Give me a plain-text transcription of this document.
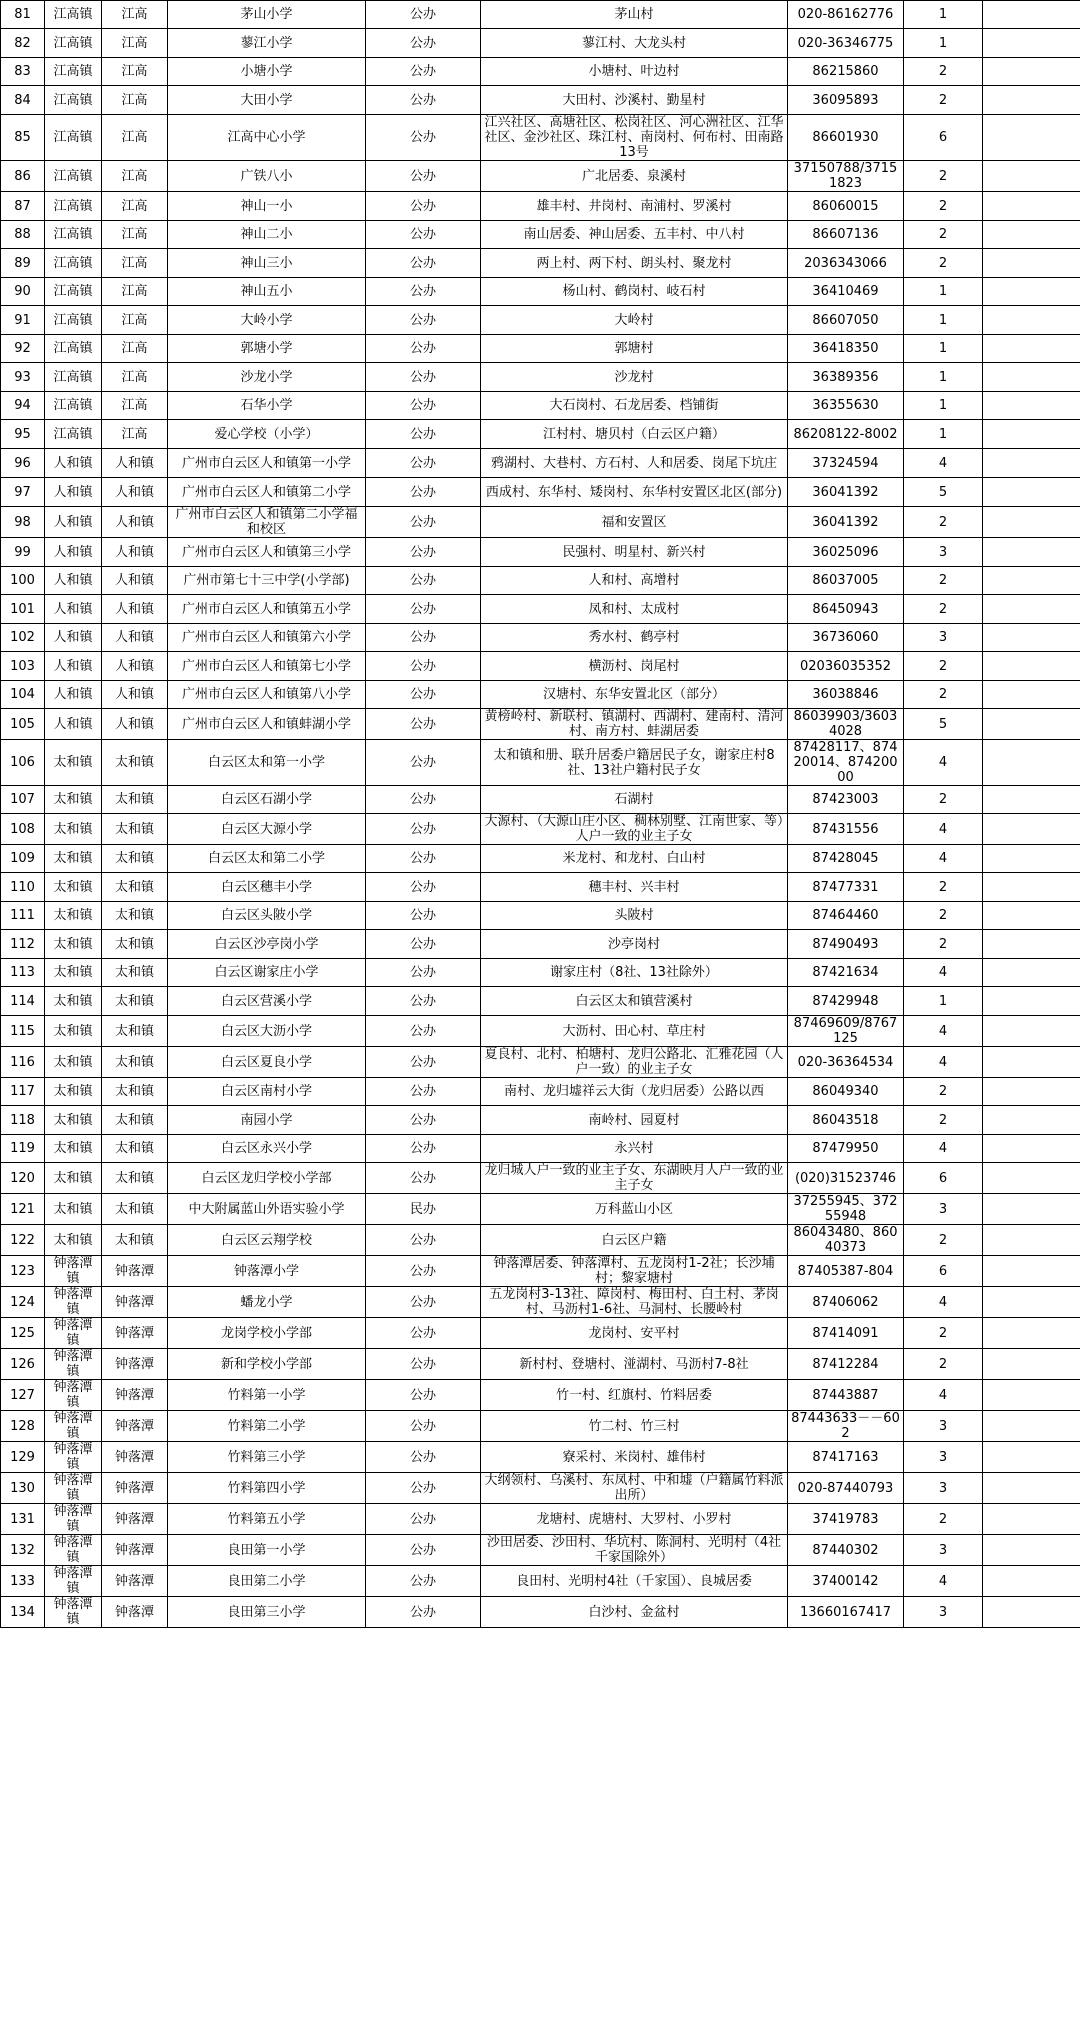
81	江高镇	江高	茅山小学	公办	茅山村	020-86162776	1	
82	江高镇	江高	蓼江小学	公办	蓼江村、大龙头村	020-36346775	1	
83	江高镇	江高	小塘小学	公办	小塘村、叶边村	86215860	2	
84	江高镇	江高	大田小学	公办	大田村、沙溪村、勤星村	36095893	2	
85	江高镇	江高	江高中心小学	公办	江兴社区、高塘社区、松岗社区、河心洲社区、江华社区、金沙社区、珠江村、南岗村、何布村、田南路13号	86601930	6	
86	江高镇	江高	广铁八小	公办	广北居委、泉溪村	37150788/37151823	2	
87	江高镇	江高	神山一小	公办	雄丰村、井岗村、南浦村、罗溪村	86060015	2	
88	江高镇	江高	神山二小	公办	南山居委、神山居委、五丰村、中八村	86607136	2	
89	江高镇	江高	神山三小	公办	两上村、两下村、朗头村、聚龙村	2036343066	2	
90	江高镇	江高	神山五小	公办	杨山村、鹤岗村、岐石村	36410469	1	
91	江高镇	江高	大岭小学	公办	大岭村	86607050	1	
92	江高镇	江高	郭塘小学	公办	郭塘村	36418350	1	
93	江高镇	江高	沙龙小学	公办	沙龙村	36389356	1	
94	江高镇	江高	石华小学	公办	大石岗村、石龙居委、档铺街	36355630	1	
95	江高镇	江高	爱心学校（小学）	公办	江村村、塘贝村（白云区户籍）	86208122-8002	1	
96	人和镇	人和镇	广州市白云区人和镇第一小学	公办	鸦湖村、大巷村、方石村、人和居委、岗尾下坑庄	37324594	4	
97	人和镇	人和镇	广州市白云区人和镇第二小学	公办	西成村、东华村、矮岗村、东华村安置区北区(部分)	36041392	5	
98	人和镇	人和镇	广州市白云区人和镇第二小学福和校区	公办	福和安置区	36041392	2	
99	人和镇	人和镇	广州市白云区人和镇第三小学	公办	民强村、明星村、新兴村	36025096	3	
100	人和镇	人和镇	广州市第七十三中学(小学部)	公办	人和村、高增村	86037005	2	
101	人和镇	人和镇	广州市白云区人和镇第五小学	公办	凤和村、太成村	86450943	2	
102	人和镇	人和镇	广州市白云区人和镇第六小学	公办	秀水村、鹤亭村	36736060	3	
103	人和镇	人和镇	广州市白云区人和镇第七小学	公办	横沥村、岗尾村	02036035352	2	
104	人和镇	人和镇	广州市白云区人和镇第八小学	公办	汉塘村、东华安置北区（部分）	36038846	2	
105	人和镇	人和镇	广州市白云区人和镇蚌湖小学	公办	黄榜岭村、新联村、镇湖村、西湖村、建南村、清河村、南方村、蚌湖居委	86039903/36034028	5	
106	太和镇	太和镇	白云区太和第一小学	公办	太和镇和册、联升居委户籍居民子女，谢家庄村8社、13社户籍村民子女	87428117、87420014、87420000	4	
107	太和镇	太和镇	白云区石湖小学	公办	石湖村	87423003	2	
108	太和镇	太和镇	白云区大源小学	公办	大源村、（大源山庄小区、稠林别墅、江南世家、等）人户一致的业主子女	87431556	4	
109	太和镇	太和镇	白云区太和第二小学	公办	米龙村、和龙村、白山村	87428045	4	
110	太和镇	太和镇	白云区穗丰小学	公办	穗丰村、兴丰村	87477331	2	
111	太和镇	太和镇	白云区头陂小学	公办	头陂村	87464460	2	
112	太和镇	太和镇	白云区沙亭岗小学	公办	沙亭岗村	87490493	2	
113	太和镇	太和镇	白云区谢家庄小学	公办	谢家庄村（8社、13社除外）	87421634	4	
114	太和镇	太和镇	白云区营溪小学	公办	白云区太和镇营溪村	87429948	1	
115	太和镇	太和镇	白云区大沥小学	公办	大沥村、田心村、草庄村	87469609/8767125	4	
116	太和镇	太和镇	白云区夏良小学	公办	夏良村、北村、柏塘村、龙归公路北、汇雅花园（人户一致）的业主子女	020-36364534	4	
117	太和镇	太和镇	白云区南村小学	公办	南村、龙归墟祥云大街（龙归居委）公路以西	86049340	2	
118	太和镇	太和镇	南园小学	公办	南岭村、园夏村	86043518	2	
119	太和镇	太和镇	白云区永兴小学	公办	永兴村	87479950	4	
120	太和镇	太和镇	白云区龙归学校小学部	公办	龙归城人户一致的业主子女、东湖映月人户一致的业主子女	(020)31523746	6	
121	太和镇	太和镇	中大附属蓝山外语实验小学	民办	万科蓝山小区	37255945、37255948	3	
122	太和镇	太和镇	白云区云翔学校	公办	白云区户籍	86043480、86040373	2	
123	钟落潭镇	钟落潭	钟落潭小学	公办	钟落潭居委、钟落潭村、五龙岗村1-2社；长沙埔村；黎家塘村	87405387-804	6	
124	钟落潭镇	钟落潭	蟠龙小学	公办	五龙岗村3-13社、障岗村、梅田村、白土村、茅岗村、马沥村1-6社、马洞村、长腰岭村	87406062	4	
125	钟落潭镇	钟落潭	龙岗学校小学部	公办	龙岗村、安平村	87414091	2	
126	钟落潭镇	钟落潭	新和学校小学部	公办	新村村、登塘村、湴湖村、马沥村7-8社	87412284	2	
127	钟落潭镇	钟落潭	竹料第一小学	公办	竹一村、红旗村、竹料居委	87443887	4	
128	钟落潭镇	钟落潭	竹料第二小学	公办	竹二村、竹三村	87443633－－602	3	
129	钟落潭镇	钟落潭	竹料第三小学	公办	寮采村、米岗村、雄伟村	87417163	3	
130	钟落潭镇	钟落潭	竹料第四小学	公办	大纲领村、乌溪村、东凤村、中和墟（户籍属竹料派出所）	020-87440793	3	
131	钟落潭镇	钟落潭	竹料第五小学	公办	龙塘村、虎塘村、大罗村、小罗村	37419783	2	
132	钟落潭镇	钟落潭	良田第一小学	公办	沙田居委、沙田村、华坑村、陈洞村、光明村（4社千家国除外）	87440302	3	
133	钟落潭镇	钟落潭	良田第二小学	公办	良田村、光明村4社（千家国）、良城居委	37400142	4	
134	钟落潭镇	钟落潭	良田第三小学	公办	白沙村、金盆村	13660167417	3	
